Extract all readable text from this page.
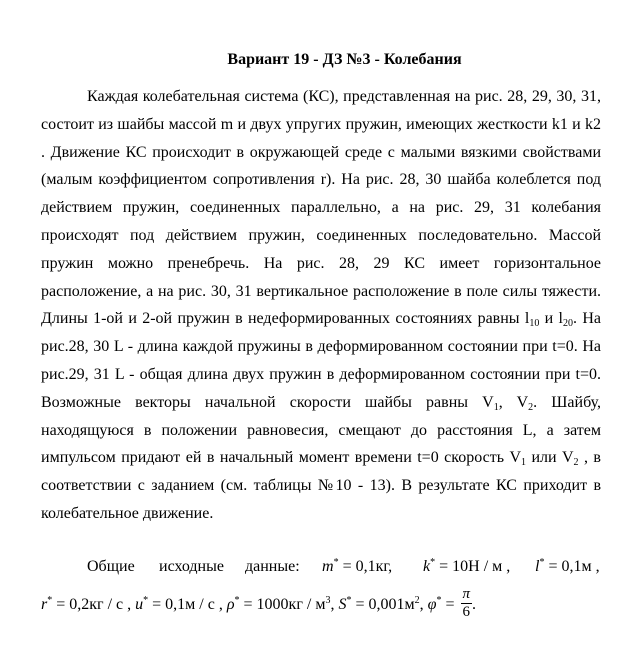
Вариант 19 - ДЗ №3 - Колебания

Каждая колебательная система (КС), представленная на рис. 28, 29, 30, 31, состоит из шайбы массой m и двух упругих пружин, имеющих жесткости k1 и k2 . Движение КС происходит в окружающей среде с малыми вязкими свойствами (малым коэффициентом сопротивления r). На рис. 28, 30 шайба колеблется под действием пружин, соединенных параллельно, а на рис. 29, 31 колебания происходят под действием пружин, соединенных последовательно. Массой пружин можно пренебречь. На рис. 28, 29 КС имеет горизонтальное расположение, а на рис. 30, 31 вертикальное расположение в поле силы тяжести. Длины 1-ой и 2-ой пружин в недеформированных состояниях равны $l_{10}$ и $l_{20}$. На рис.28, 30 L - длина каждой пружины в деформированном состоянии при t=0. На рис.29, 31 L - общая длина двух пружин в деформированном состоянии при t=0. Возможные векторы начальной скорости шайбы равны $V_1$, $V_2$. Шайбу, находящуюся в положении равновесия, смещают до расстояния L, а затем импульсом придают ей в начальный момент времени t=0 скорость $V_1$ или $V_2$ , в соответствии с заданием (см. таблицы №10 - 13). В результате КС приходит в колебательное движение.

Общие исходные данные: m* = 0,1кг, k* = 10Н / м , l* = 0,1м ,
r* = 0,2кг / с , u* = 0,1м / с , $\rho^* = 1000кг / м^3$, $S^* = 0,001м^2$, $\varphi^* = \frac{\pi}{6}$ .
